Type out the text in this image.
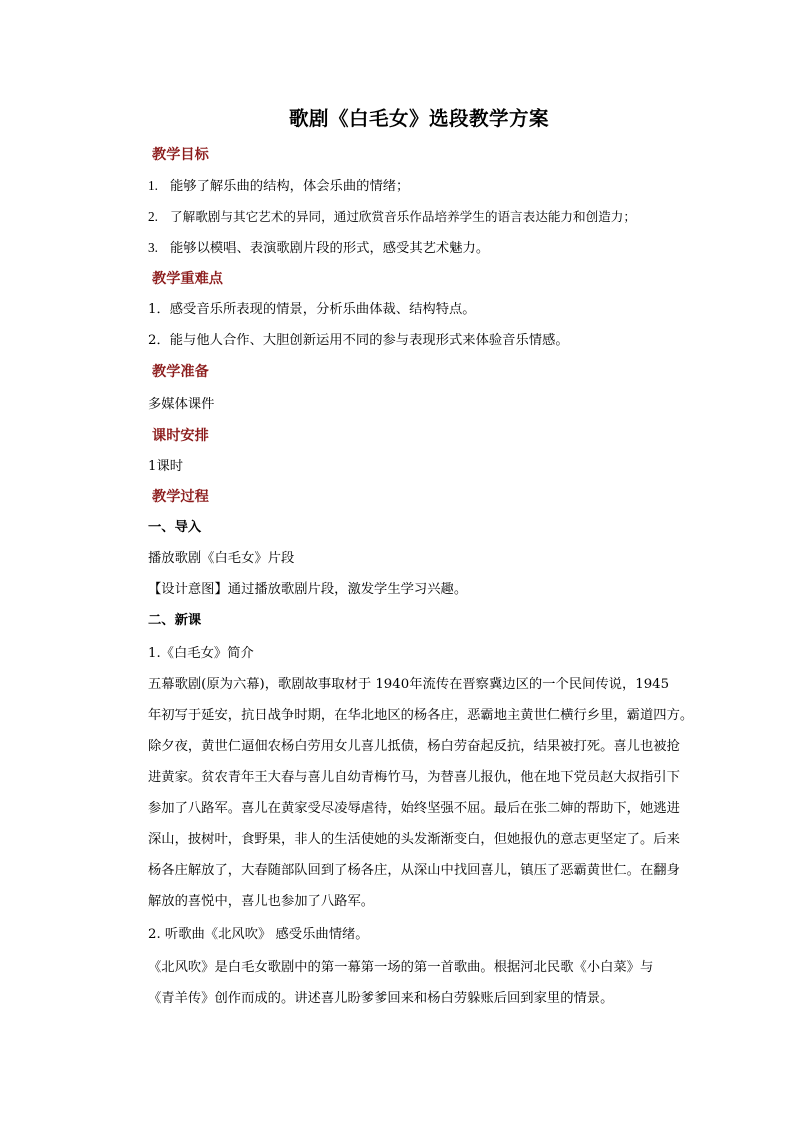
歌剧《白毛女》选段教学方案
教学目标
1. 能够了解乐曲的结构，体会乐曲的情绪；
2. 了解歌剧与其它艺术的异同，通过欣赏音乐作品培养学生的语言表达能力和创造力；
3. 能够以模唱、表演歌剧片段的形式，感受其艺术魅力。
教学重难点
1．感受音乐所表现的情景，分析乐曲体裁、结构特点。
2．能与他人合作、大胆创新运用不同的参与表现形式来体验音乐情感。
教学准备
多媒体课件
课时安排
1课时
教学过程
一、导入
播放歌剧《白毛女》片段
【设计意图】通过播放歌剧片段，激发学生学习兴趣。
二、新课
1.《白毛女》简介
五幕歌剧(原为六幕)，歌剧故事取材于 1940年流传在晋察冀边区的一个民间传说，1945
年初写于延安，抗日战争时期，在华北地区的杨各庄，恶霸地主黄世仁横行乡里，霸道四方。
除夕夜，黄世仁逼佃农杨白劳用女儿喜儿抵债，杨白劳奋起反抗，结果被打死。喜儿也被抢
进黄家。贫农青年王大春与喜儿自幼青梅竹马，为替喜儿报仇，他在地下党员赵大叔指引下
参加了八路军。喜儿在黄家受尽凌辱虐待，始终坚强不屈。最后在张二婶的帮助下，她逃进
深山，披树叶，食野果，非人的生活使她的头发渐渐变白，但她报仇的意志更坚定了。后来
杨各庄解放了，大春随部队回到了杨各庄，从深山中找回喜儿，镇压了恶霸黄世仁。在翻身
解放的喜悦中，喜儿也参加了八路军。
2. 听歌曲《北风吹》 感受乐曲情绪。
《北风吹》是白毛女歌剧中的第一幕第一场的第一首歌曲。根据河北民歌《小白菜》与
《青羊传》创作而成的。讲述喜儿盼爹爹回来和杨白劳躲账后回到家里的情景。
